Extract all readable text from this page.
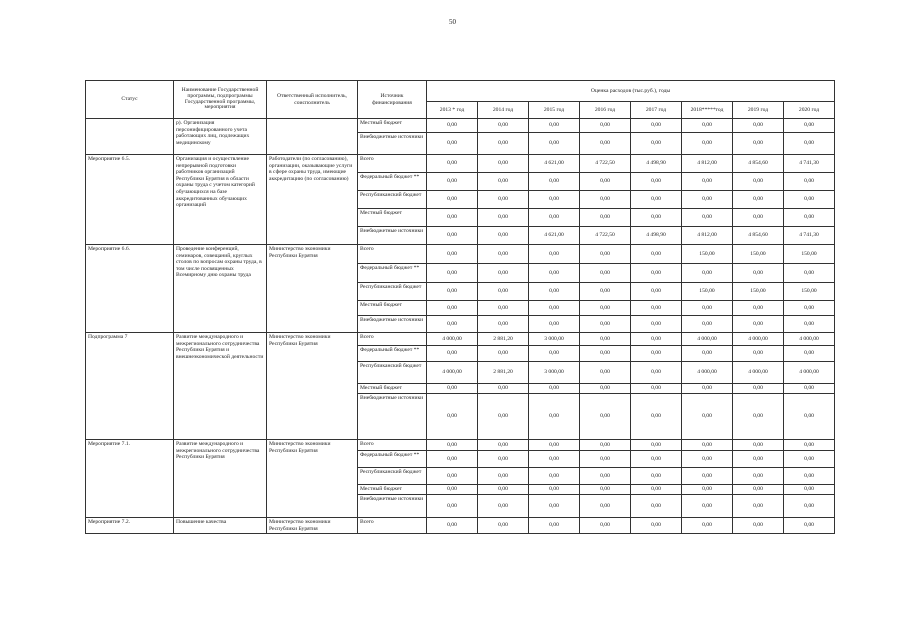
50
Статус	Наименование Государственной программы, подпрограммы Государственной программы, мероприятия	Ответственный исполнитель, соисполнитель	Источник финансирования	Оценка расходов (тыс.руб.), годы							
				2013 * год	2014 год	2015 год	2016 год	2017 год	2018*****год	2019 год	2020 год
	р). Организация персонифицированного учета работающих лиц, подлежащих медицинскому		Местный бюджет	0,00	0,00	0,00	0,00	0,00	0,00	0,00	0,00
			Внебюджетные источники	0,00	0,00	0,00	0,00	0,00	0,00	0,00	0,00
Мероприятие 6.5.	Организация и осуществление непрерывной подготовки работников организаций Республики Бурятия в области охраны труда с учетом категорий обучающихся на базе аккредитованных обучающих организаций	Работодатели (по согласованию), организации, оказывающие услуги в сфере охраны труда, имеющие аккредитацию (по согласованию)	Всего	0,00	0,00	4 621,00	4 722,50	4 498,90	4 812,00	4 854,60	4 741,30
			Федеральный бюджет **	0,00	0,00	0,00	0,00	0,00	0,00	0,00	0,00
			Республиканский бюджет	0,00	0,00	0,00	0,00	0,00	0,00	0,00	0,00
			Местный бюджет	0,00	0,00	0,00	0,00	0,00	0,00	0,00	0,00
			Внебюджетные источники	0,00	0,00	4 621,00	4 722,50	4 498,90	4 812,00	4 854,60	4 741,30
Мероприятие 6.6.	Проведение конференций, семинаров, совещаний, круглых столов по вопросам охраны труда, в том числе посвященных Всемирному дню охраны труда	Министерство экономики Республики Бурятия	Всего	0,00	0,00	0,00	0,00	0,00	150,00	150,00	150,00
			Федеральный бюджет **	0,00	0,00	0,00	0,00	0,00	0,00	0,00	0,00
			Республиканский бюджет	0,00	0,00	0,00	0,00	0,00	150,00	150,00	150,00
			Местный бюджет	0,00	0,00	0,00	0,00	0,00	0,00	0,00	0,00
			Внебюджетные источники	0,00	0,00	0,00	0,00	0,00	0,00	0,00	0,00
Подпрограмма 7	Развитие международного и межрегионального сотрудничества Республики Бурятия и внешнеэкономической деятельности	Министерство экономики Республики Бурятия	Всего	4 000,00	2 881,20	3 000,00	0,00	0,00	4 000,00	4 000,00	4 000,00
			Федеральный бюджет **	0,00	0,00	0,00	0,00	0,00	0,00	0,00	0,00
			Республиканский бюджет	4 000,00	2 881,20	3 000,00	0,00	0,00	4 000,00	4 000,00	4 000,00
			Местный бюджет	0,00	0,00	0,00	0,00	0,00	0,00	0,00	0,00
			Внебюджетные источники	0,00	0,00	0,00	0,00	0,00	0,00	0,00	0,00
Мероприятие 7.1.	Развитие международного и межрегионального сотрудничества Республики Бурятия	Министерство экономики Республики Бурятия	Всего	0,00	0,00	0,00	0,00	0,00	0,00	0,00	0,00
			Федеральный бюджет **	0,00	0,00	0,00	0,00	0,00	0,00	0,00	0,00
			Республиканский бюджет	0,00	0,00	0,00	0,00	0,00	0,00	0,00	0,00
			Местный бюджет	0,00	0,00	0,00	0,00	0,00	0,00	0,00	0,00
			Внебюджетные источники	0,00	0,00	0,00	0,00	0,00	0,00	0,00	0,00
Мероприятие 7.2.	Повышение качества	Министерство экономики Республики Бурятия	Всего	0,00	0,00	0,00	0,00	0,00	0,00	0,00	0,00
